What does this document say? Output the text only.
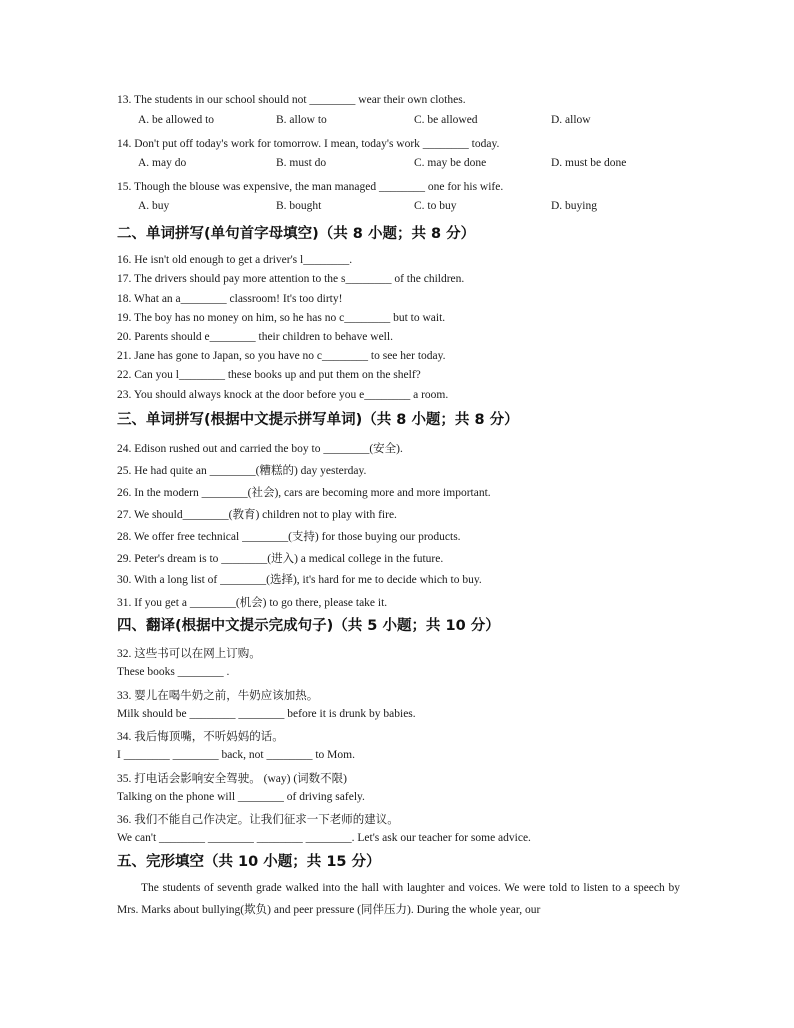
13. The students in our school should not ________ wear their own clothes.
A. be allowed to	B. allow to	C. be allowed	D. allow
14. Don't put off today's work for tomorrow. I mean, today's work ________ today.
A. may do	B. must do	C. may be done	D. must be done
15. Though the blouse was expensive, the man managed ________ one for his wife.
A. buy	B. bought	C. to buy	D. buying
二、单词拼写(单句首字母填空)（共 8 小题；共 8 分）
16. He isn't old enough to get a driver's l________.
17. The drivers should pay more attention to the s________ of the children.
18. What an a________ classroom! It's too dirty!
19. The boy has no money on him, so he has no c________ but to wait.
20. Parents should e________ their children to behave well.
21. Jane has gone to Japan, so you have no c________ to see her today.
22. Can you l________ these books up and put them on the shelf?
23. You should always knock at the door before you e________ a room.
三、单词拼写(根据中文提示拼写单词)（共 8 小题；共 8 分）
24. Edison rushed out and carried the boy to ________(安全).
25. He had quite an ________(糟糕的) day yesterday.
26. In the modern ________(社会), cars are becoming more and more important.
27. We should________(教育) children not to play with fire.
28. We offer free technical ________(支持) for those buying our products.
29. Peter's dream is to ________(进入) a medical college in the future.
30. With a long list of ________(选择), it's hard for me to decide which to buy.
31. If you get a ________(机会) to go there, please take it.
四、翻译(根据中文提示完成句子)（共 5 小题；共 10 分）
32. 这些书可以在网上订购。
These books ________ .
33. 婴儿在喝牛奶之前，牛奶应该加热。
Milk should be ________ ________ before it is drunk by babies.
34. 我后悔顶嘴，不听妈妈的话。
I ________ ________ back, not ________ to Mom.
35. 打电话会影响安全驾驶。 (way) (词数不限)
Talking on the phone will ________ of driving safely.
36. 我们不能自己作决定。让我们征求一下老师的建议。
We can't ________ ________ ________ ________. Let's ask our teacher for some advice.
五、完形填空（共 10 小题；共 15 分）
The students of seventh grade walked into the hall with laughter and voices. We were told to listen to a speech by Mrs. Marks about bullying(欺负) and peer pressure (同伴压力). During the whole year, our
